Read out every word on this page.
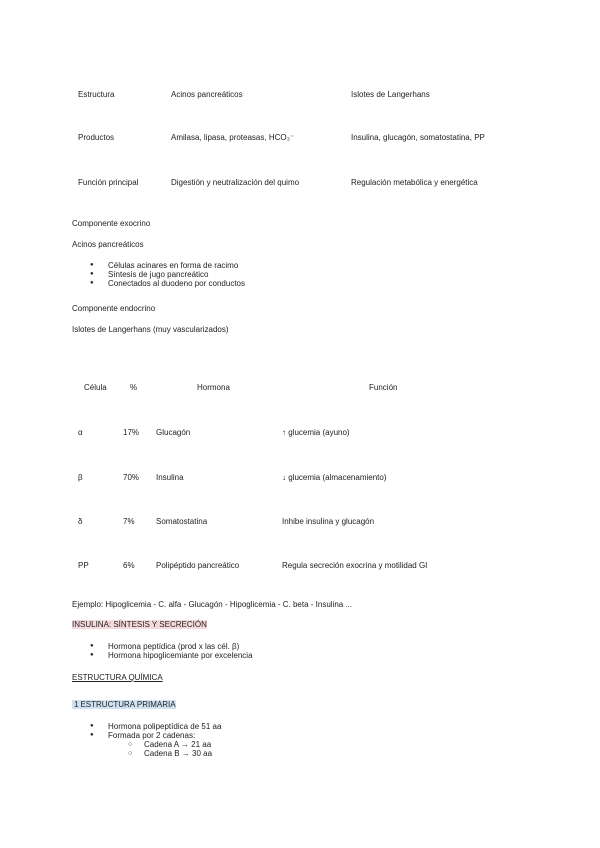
Estructura	Acinos pancreáticos	Islotes de Langerhans
Productos	Amilasa, lipasa, proteasas, HCO₃⁻	Insulina, glucagón, somatostatina, PP
Función principal	Digestión y neutralización del quimo	Regulación metabólica y energética
Componente exocrino
Acinos pancreáticos
● Células acinares en forma de racimo
● Síntesis de jugo pancreático
● Conectados al duodeno por conductos
Componente endocrino
Islotes de Langerhans (muy vascularizados)
Célula	%	Hormona	Función
α	17% Glucagón	↑ glucemia (ayuno)
β	70% Insulina	↓ glucemia (almacenamiento)
δ	7%	Somatostatina	Inhibe insulina y glucagón
PP	6%	Polipéptido pancreático	Regula secreción exocrina y motilidad GI
Ejemplo: Hipoglicemia - C. alfa - Glucagón - Hipoglicemia - C. beta - Insulina ...
INSULINA: SÍNTESIS Y SECRECIÓN
● Hormona peptídica (prod x las cél. β)
● Hormona hipoglicemiante por excelencia
ESTRUCTURA QUÍMICA
1 ESTRUCTURA PRIMARIA
● Hormona polipeptídica de 51 aa
● Formada por 2 cadenas:
○ Cadena A → 21 aa
○ Cadena B → 30 aa
